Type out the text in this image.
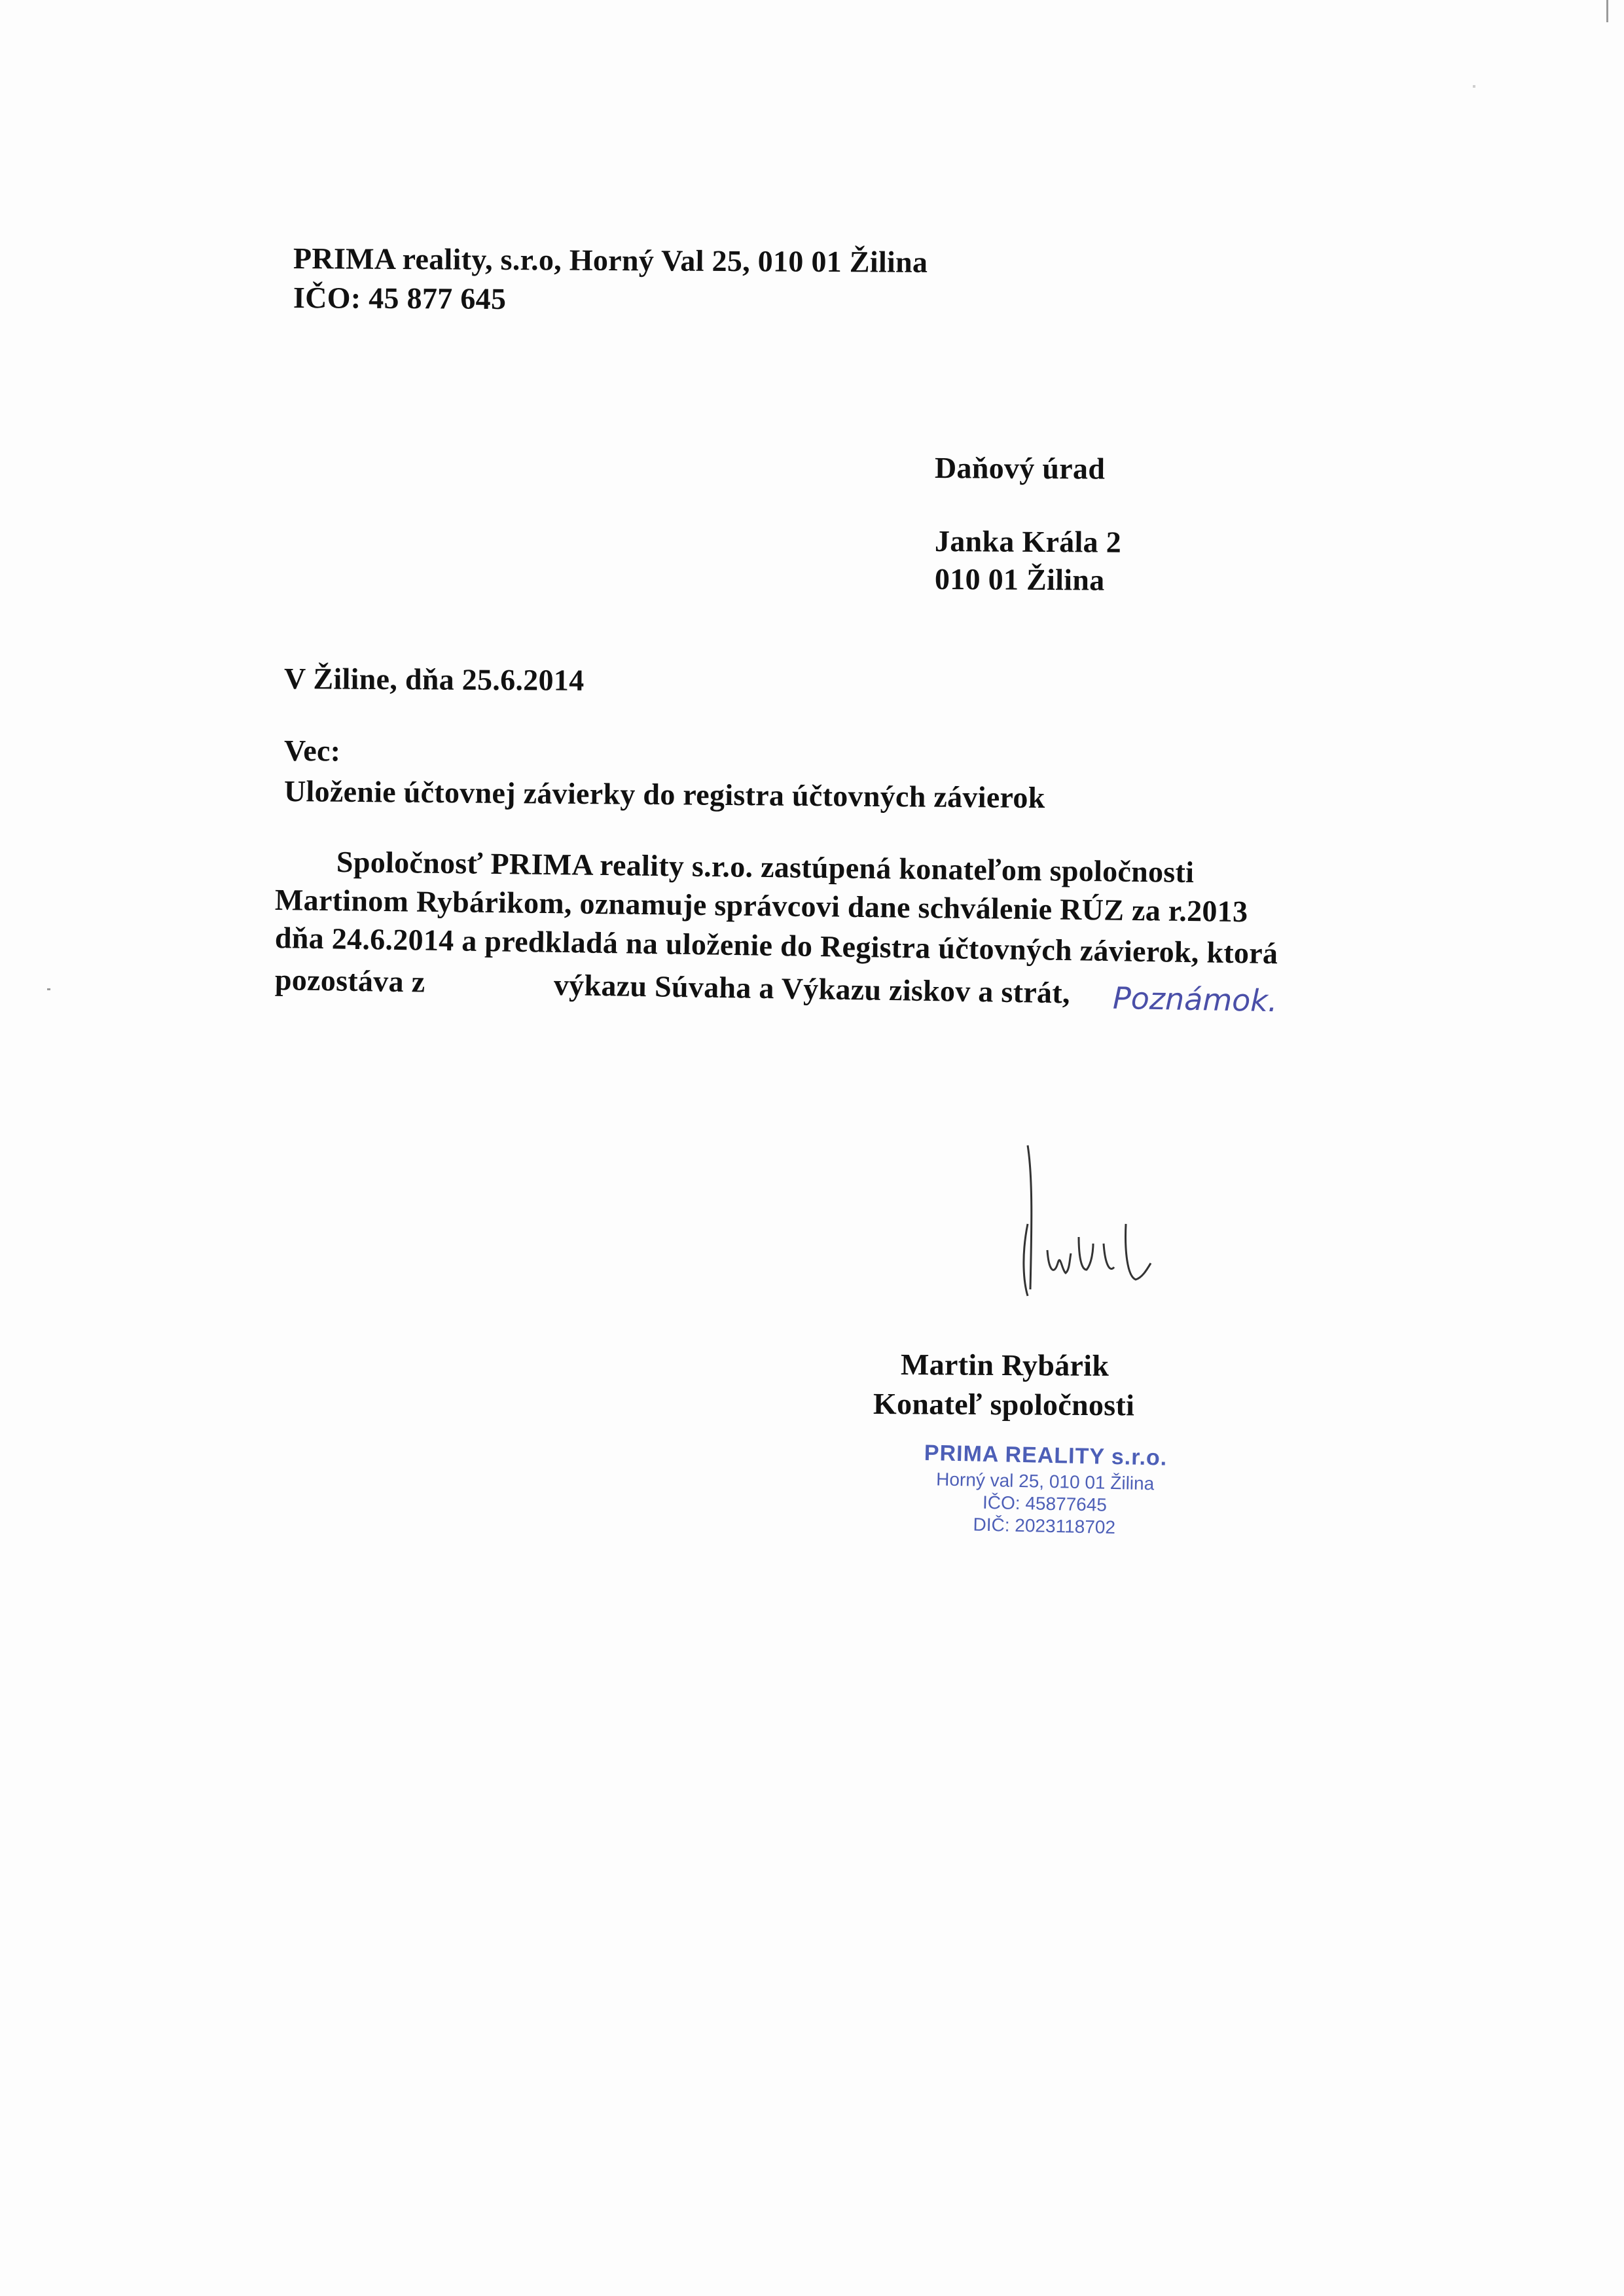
PRIMA reality, s.r.o, Horný Val 25, 010 01 Žilina
IČO: 45 877 645
Daňový úrad
Janka Krála 2
010 01 Žilina
V Žiline, dňa 25.6.2014
Vec:
Uloženie účtovnej závierky do registra účtovných závierok
Spoločnosť PRIMA reality s.r.o. zastúpená konateľom spoločnosti
Martinom Rybárikom, oznamuje správcovi dane schválenie RÚZ za r.2013
dňa 24.6.2014 a predkladá na uloženie do Registra účtovných závierok, ktorá
pozostáva z	výkazu Súvaha a Výkazu ziskov a strát, Poznámok.
Martin Rybárik
Konateľ spoločnosti
PRIMA REALITY s.r.o.
Horný val 25, 010 01 Žilina
IČO: 45877645
DIČ: 2023118702
